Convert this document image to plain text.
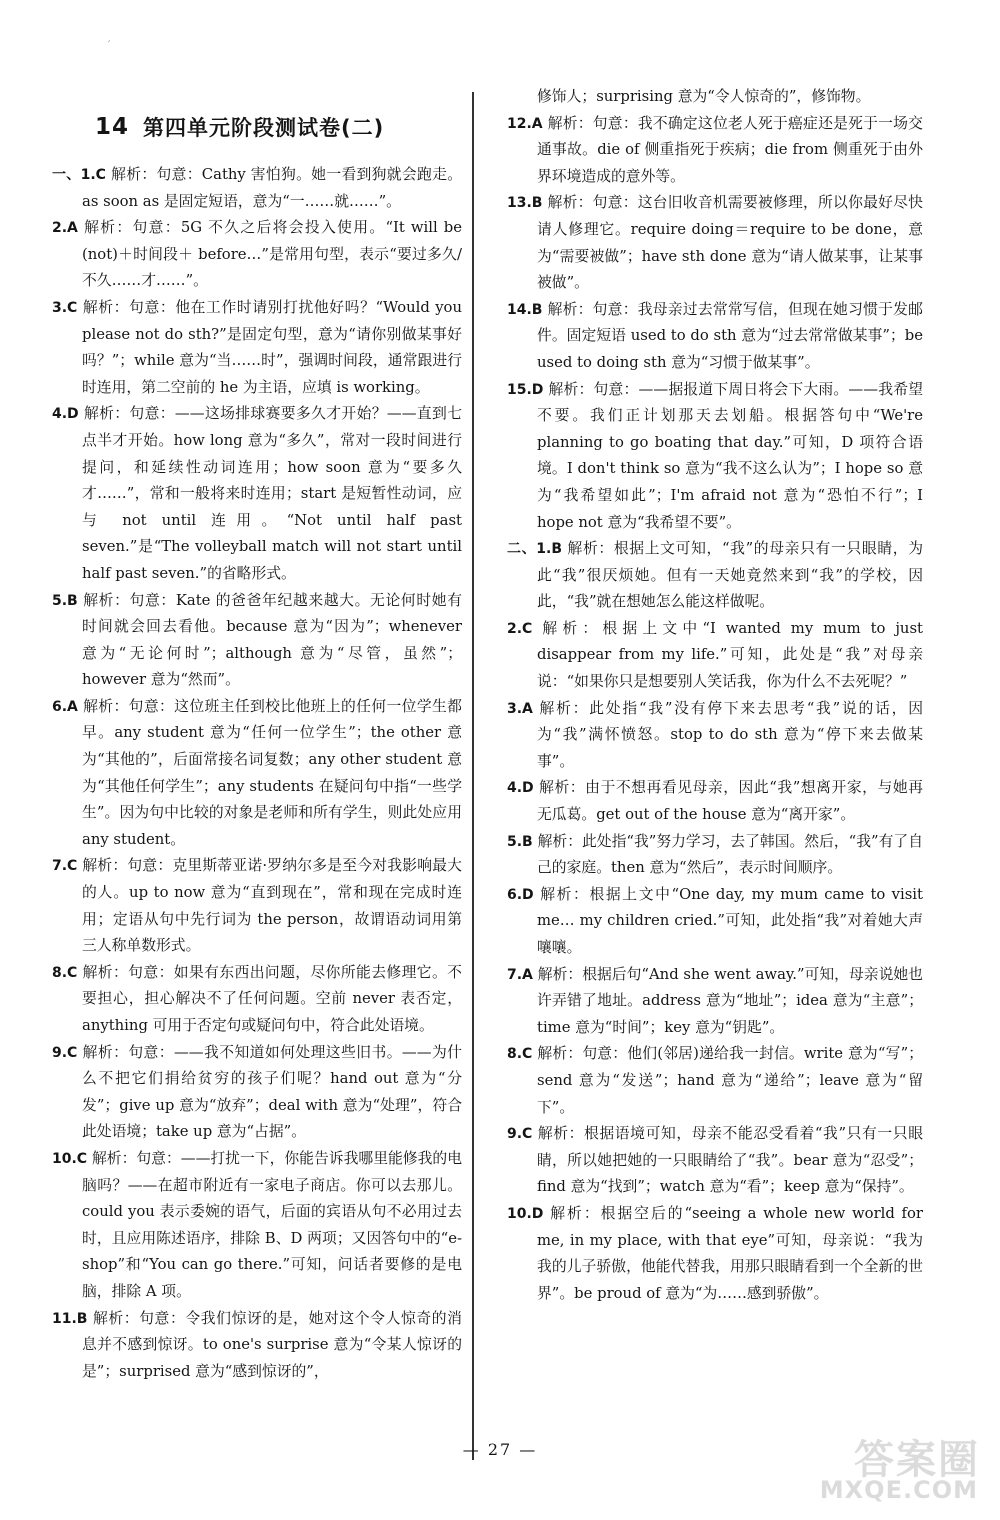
′
14 第四单元阶段测试卷(二)
一、1.C 解析：句意：Cathy 害怕狗。她一看到狗就会跑走。as soon as 是固定短语，意为“一……就……”。
2.A 解析：句意：5G 不久之后将会投入使用。“It will be (not)＋时间段＋ before…”是常用句型，表示“要过多久/不久……才……”。
3.C 解析：句意：他在工作时请别打扰他好吗？“Would you please not do sth?”是固定句型，意为“请你别做某事好吗？”；while 意为“当……时”，强调时间段，通常跟进行时连用，第二空前的 he 为主语，应填 is working。
4.D 解析：句意：——这场排球赛要多久才开始？——直到七点半才开始。how long 意为“多久”，常对一段时间进行提问，和延续性动词连用；how soon 意为“要多久才……”，常和一般将来时连用；start 是短暂性动词，应与 not until 连用。“Not until half past seven.”是“The volleyball match will not start until half past seven.”的省略形式。
5.B 解析：句意：Kate 的爸爸年纪越来越大。无论何时她有时间就会回去看他。because 意为“因为”；whenever 意为“无论何时”；although 意为“尽管，虽然”；however 意为“然而”。
6.A 解析：句意：这位班主任到校比他班上的任何一位学生都早。any student 意为“任何一位学生”；the other 意为“其他的”，后面常接名词复数；any other student 意为“其他任何学生”；any students 在疑问句中指“一些学生”。因为句中比较的对象是老师和所有学生，则此处应用 any student。
7.C 解析：句意：克里斯蒂亚诺·罗纳尔多是至今对我影响最大的人。up to now 意为“直到现在”，常和现在完成时连用；定语从句中先行词为 the person，故谓语动词用第三人称单数形式。
8.C 解析：句意：如果有东西出问题，尽你所能去修理它。不要担心，担心解决不了任何问题。空前 never 表否定，anything 可用于否定句或疑问句中，符合此处语境。
9.C 解析：句意：——我不知道如何处理这些旧书。——为什么不把它们捐给贫穷的孩子们呢？hand out 意为“分发”；give up 意为“放弃”；deal with 意为“处理”，符合此处语境；take up 意为“占据”。
10.C 解析：句意：——打扰一下，你能告诉我哪里能修我的电脑吗？——在超市附近有一家电子商店。你可以去那儿。could you 表示委婉的语气，后面的宾语从句不必用过去时，且应用陈述语序，排除 B、D 两项；又因答句中的“e-shop”和“You can go there.”可知，问话者要修的是电脑，排除 A 项。
11.B 解析：句意：令我们惊讶的是，她对这个令人惊奇的消息并不感到惊讶。to one's surprise 意为“令某人惊讶的是”；surprised 意为“感到惊讶的”，
修饰人；surprising 意为“令人惊奇的”，修饰物。
12.A 解析：句意：我不确定这位老人死于癌症还是死于一场交通事故。die of 侧重指死于疾病；die from 侧重死于由外界环境造成的意外等。
13.B 解析：句意：这台旧收音机需要被修理，所以你最好尽快请人修理它。require doing＝require to be done，意为“需要被做”；have sth done 意为“请人做某事，让某事被做”。
14.B 解析：句意：我母亲过去常常写信，但现在她习惯于发邮件。固定短语 used to do sth 意为“过去常常做某事”；be used to doing sth 意为“习惯于做某事”。
15.D 解析：句意：——据报道下周日将会下大雨。——我希望不要。我们正计划那天去划船。根据答句中“We're planning to go boating that day.”可知，D 项符合语境。I don't think so 意为“我不这么认为”；I hope so 意为“我希望如此”；I'm afraid not 意为“恐怕不行”；I hope not 意为“我希望不要”。
二、1.B 解析：根据上文可知，“我”的母亲只有一只眼睛，为此“我”很厌烦她。但有一天她竟然来到“我”的学校，因此，“我”就在想她怎么能这样做呢。
2.C 解析：根据上文中“I wanted my mum to just disappear from my life.”可知，此处是“我”对母亲说：“如果你只是想要别人笑话我，你为什么不去死呢？”
3.A 解析：此处指“我”没有停下来去思考“我”说的话，因为“我”满怀愤怒。stop to do sth 意为“停下来去做某事”。
4.D 解析：由于不想再看见母亲，因此“我”想离开家，与她再无瓜葛。get out of the house 意为“离开家”。
5.B 解析：此处指“我”努力学习，去了韩国。然后，“我”有了自己的家庭。then 意为“然后”，表示时间顺序。
6.D 解析：根据上文中“One day, my mum came to visit me… my children cried.”可知，此处指“我”对着她大声嚷嚷。
7.A 解析：根据后句“And she went away.”可知，母亲说她也许弄错了地址。address 意为“地址”；idea 意为“主意”；time 意为“时间”；key 意为“钥匙”。
8.C 解析：句意：他们(邻居)递给我一封信。write 意为“写”；send 意为“发送”；hand 意为“递给”；leave 意为“留下”。
9.C 解析：根据语境可知，母亲不能忍受看着“我”只有一只眼睛，所以她把她的一只眼睛给了“我”。bear 意为“忍受”；find 意为“找到”；watch 意为“看”；keep 意为“保持”。
10.D 解析：根据空后的“seeing a whole new world for me, in my place, with that eye”可知，母亲说：“我为我的儿子骄傲，他能代替我，用那只眼睛看到一个全新的世界”。be proud of 意为“为……感到骄傲”。
— 27 —	答案圈
MXQE.COM
